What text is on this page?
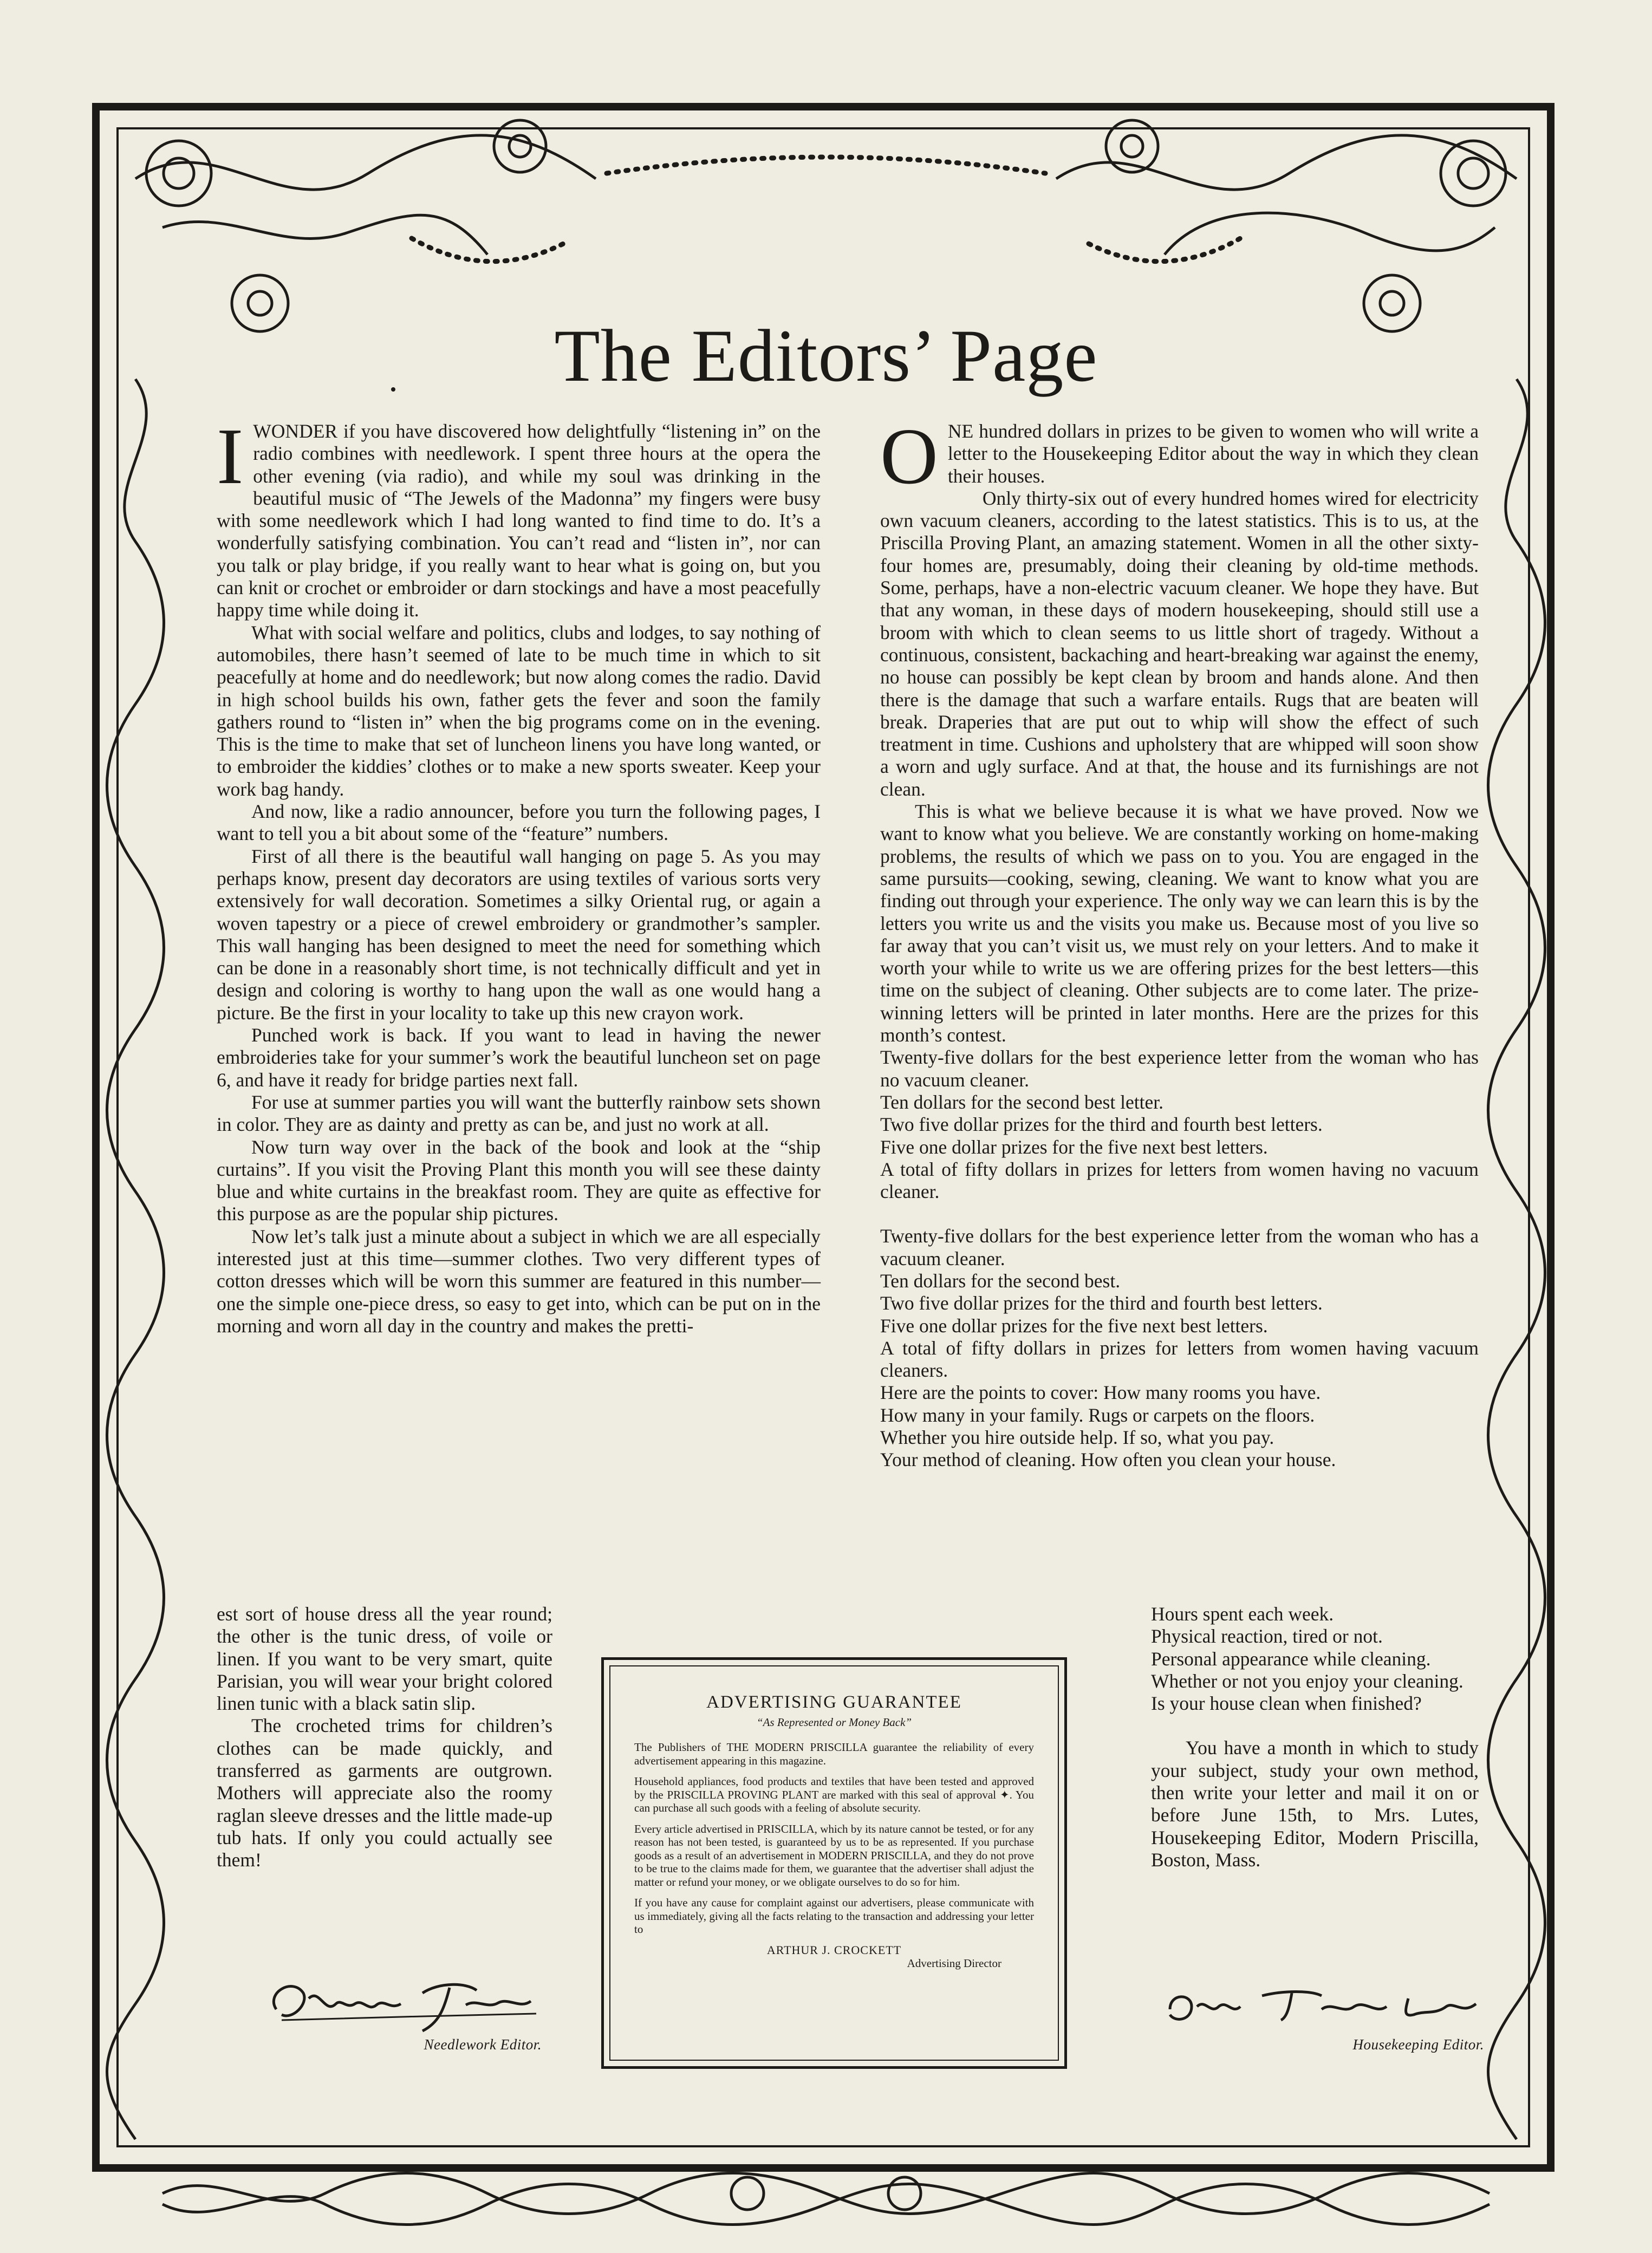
The Editors’ Page

IWONDER if you have discovered how delightfully “listening in” on the radio combines with needlework. I spent three hours at the opera the other evening (via radio), and while my soul was drinking in the beautiful music of “The Jewels of the Madonna” my fingers were busy with some needlework which I had long wanted to find time to do. It’s a wonderfully satisfying combination. You can’t read and “listen in”, nor can you talk or play bridge, if you really want to hear what is going on, but you can knit or crochet or embroider or darn stockings and have a most peacefully happy time while doing it.

What with social welfare and politics, clubs and lodges, to say nothing of automobiles, there hasn’t seemed of late to be much time in which to sit peacefully at home and do needlework; but now along comes the radio. David in high school builds his own, father gets the fever and soon the family gathers round to “listen in” when the big programs come on in the evening. This is the time to make that set of luncheon linens you have long wanted, or to embroider the kiddies’ clothes or to make a new sports sweater. Keep your work bag handy.

And now, like a radio announcer, before you turn the following pages, I want to tell you a bit about some of the “feature” numbers.

First of all there is the beautiful wall hanging on page 5. As you may perhaps know, present day decorators are using textiles of various sorts very extensively for wall decoration. Sometimes a silky Oriental rug, or again a woven tapestry or a piece of crewel embroidery or grandmother’s sampler. This wall hanging has been designed to meet the need for something which can be done in a reasonably short time, is not technically difficult and yet in design and coloring is worthy to hang upon the wall as one would hang a picture. Be the first in your locality to take up this new crayon work.

Punched work is back. If you want to lead in having the newer embroideries take for your summer’s work the beautiful luncheon set on page 6, and have it ready for bridge parties next fall.

For use at summer parties you will want the butterfly rainbow sets shown in color. They are as dainty and pretty as can be, and just no work at all.

Now turn way over in the back of the book and look at the “ship curtains”. If you visit the Proving Plant this month you will see these dainty blue and white curtains in the breakfast room. They are quite as effective for this purpose as are the popular ship pictures.

Now let’s talk just a minute about a subject in which we are all especially interested just at this time—summer clothes. Two very different types of cotton dresses which will be worn this summer are featured in this number—one the simple one-piece dress, so easy to get into, which can be put on in the morning and worn all day in the country and makes the pretti-

est sort of house dress all the year round; the other is the tunic dress, of voile or linen. If you want to be very smart, quite Parisian, you will wear your bright colored linen tunic with a black satin slip.

The crocheted trims for children’s clothes can be made quickly, and transferred as garments are outgrown. Mothers will appreciate also the roomy raglan sleeve dresses and the little made-up tub hats. If only you could actually see them!

Needlework Editor.

ONE hundred dollars in prizes to be given to women who will write a letter to the Housekeeping Editor about the way in which they clean their houses.

Only thirty-six out of every hundred homes wired for electricity own vacuum cleaners, according to the latest statistics. This is to us, at the Priscilla Proving Plant, an amazing statement. Women in all the other sixty-four homes are, presumably, doing their cleaning by old-time methods. Some, perhaps, have a non-electric vacuum cleaner. We hope they have. But that any woman, in these days of modern housekeeping, should still use a broom with which to clean seems to us little short of tragedy. Without a continuous, consistent, backaching and heart-breaking war against the enemy, no house can possibly be kept clean by broom and hands alone. And then there is the damage that such a warfare entails. Rugs that are beaten will break. Draperies that are put out to whip will show the effect of such treatment in time. Cushions and upholstery that are whipped will soon show a worn and ugly surface. And at that, the house and its furnishings are not clean.

This is what we believe because it is what we have proved. Now we want to know what you believe. We are constantly working on home-making problems, the results of which we pass on to you. You are engaged in the same pursuits—cooking, sewing, cleaning. We want to know what you are finding out through your experience. The only way we can learn this is by the letters you write us and the visits you make us. Because most of you live so far away that you can’t visit us, we must rely on your letters. And to make it worth your while to write us we are offering prizes for the best letters—this time on the subject of cleaning. Other subjects are to come later. The prize-winning letters will be printed in later months. Here are the prizes for this month’s contest.

Twenty-five dollars for the best experience letter from the woman who has no vacuum cleaner.

Ten dollars for the second best letter.

Two five dollar prizes for the third and fourth best letters.

Five one dollar prizes for the five next best letters.

A total of fifty dollars in prizes for letters from women having no vacuum cleaner.

Twenty-five dollars for the best experience letter from the woman who has a vacuum cleaner.

Ten dollars for the second best.

Two five dollar prizes for the third and fourth best letters.

Five one dollar prizes for the five next best letters.

A total of fifty dollars in prizes for letters from women having vacuum cleaners.

Here are the points to cover: How many rooms you have.

How many in your family. Rugs or carpets on the floors.

Whether you hire outside help. If so, what you pay.

Your method of cleaning. How often you clean your house.

Hours spent each week.

Physical reaction, tired or not.

Personal appearance while cleaning.

Whether or not you enjoy your cleaning.

Is your house clean when finished?

You have a month in which to study your subject, study your own method, then write your letter and mail it on or before June 15th, to Mrs. Lutes, Housekeeping Editor, Modern Priscilla, Boston, Mass.

Housekeeping Editor.
ADVERTISING GUARANTEE
“As Represented or Money Back”

The Publishers of THE MODERN PRISCILLA guarantee the reliability of every advertisement appearing in this magazine.

Household appliances, food products and textiles that have been tested and approved by the PRISCILLA PROVING PLANT are marked with this seal of approval ✦. You can purchase all such goods with a feeling of absolute security.

Every article advertised in PRISCILLA, which by its nature cannot be tested, or for any reason has not been tested, is guaranteed by us to be as represented. If you purchase goods as a result of an advertisement in MODERN PRISCILLA, and they do not prove to be true to the claims made for them, we guarantee that the advertiser shall adjust the matter or refund your money, or we obligate ourselves to do so for him.

If you have any cause for complaint against our advertisers, please communicate with us immediately, giving all the facts relating to the transaction and addressing your letter to

ARTHUR J. CROCKETT
Advertising Director
